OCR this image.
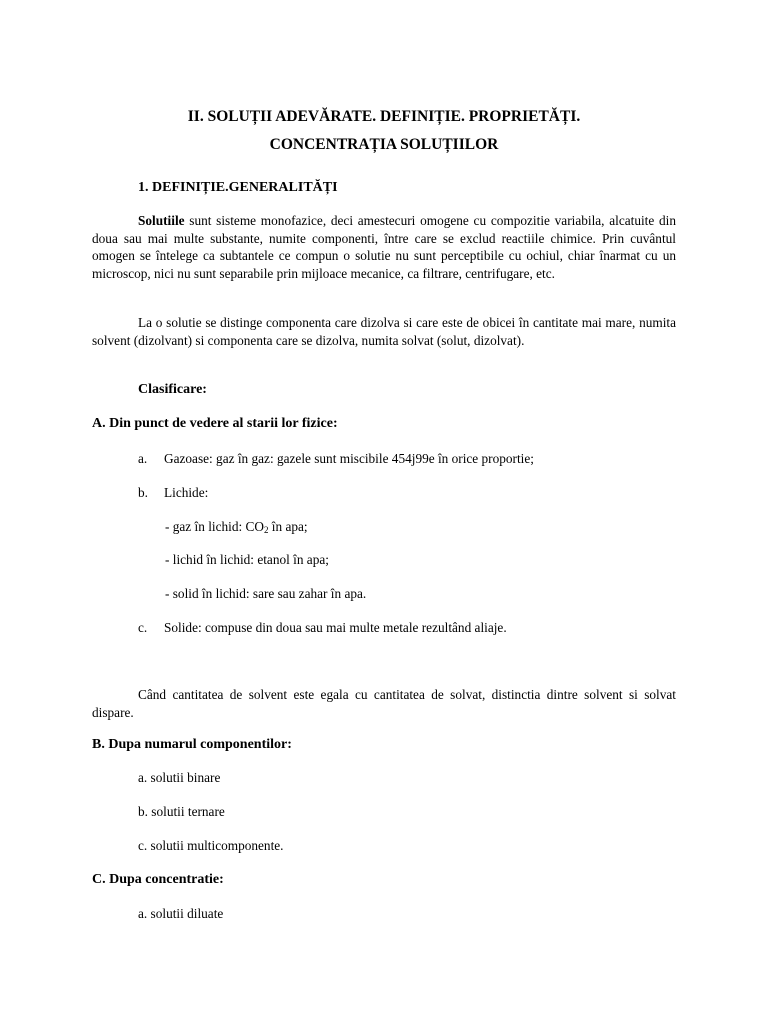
II. SOLUȚII ADEVĂRATE. DEFINIȚIE. PROPRIETĂȚI.
CONCENTRAȚIA SOLUȚIILOR
1. DEFINIȚIE.GENERALITĂȚI
Solutiile sunt sisteme monofazice, deci amestecuri omogene cu compozitie variabila, alcatuite din doua sau mai multe substante, numite componenti, între care se exclud reactiile chimice. Prin cuvântul omogen se întelege ca subtantele ce compun o solutie nu sunt perceptibile cu ochiul, chiar înarmat cu un microscop, nici nu sunt separabile prin mijloace mecanice, ca filtrare, centrifugare, etc.
La o solutie se distinge componenta care dizolva si care este de obicei în cantitate mai mare, numita solvent (dizolvant) si componenta care se dizolva, numita solvat (solut, dizolvat).
Clasificare:
A. Din punct de vedere al starii lor fizice:
a. Gazoase: gaz în gaz: gazele sunt miscibile 454j99e în orice proportie;
b. Lichide:
- gaz în lichid: $CO_2$ în apa;
- lichid în lichid: etanol în apa;
- solid în lichid: sare sau zahar în apa.
c. Solide: compuse din doua sau mai multe metale rezultând aliaje.
Când cantitatea de solvent este egala cu cantitatea de solvat, distinctia dintre solvent si solvat dispare.
B. Dupa numarul componentilor:
a. solutii binare
b. solutii ternare
c. solutii multicomponente.
C. Dupa concentratie:
a. solutii diluate
